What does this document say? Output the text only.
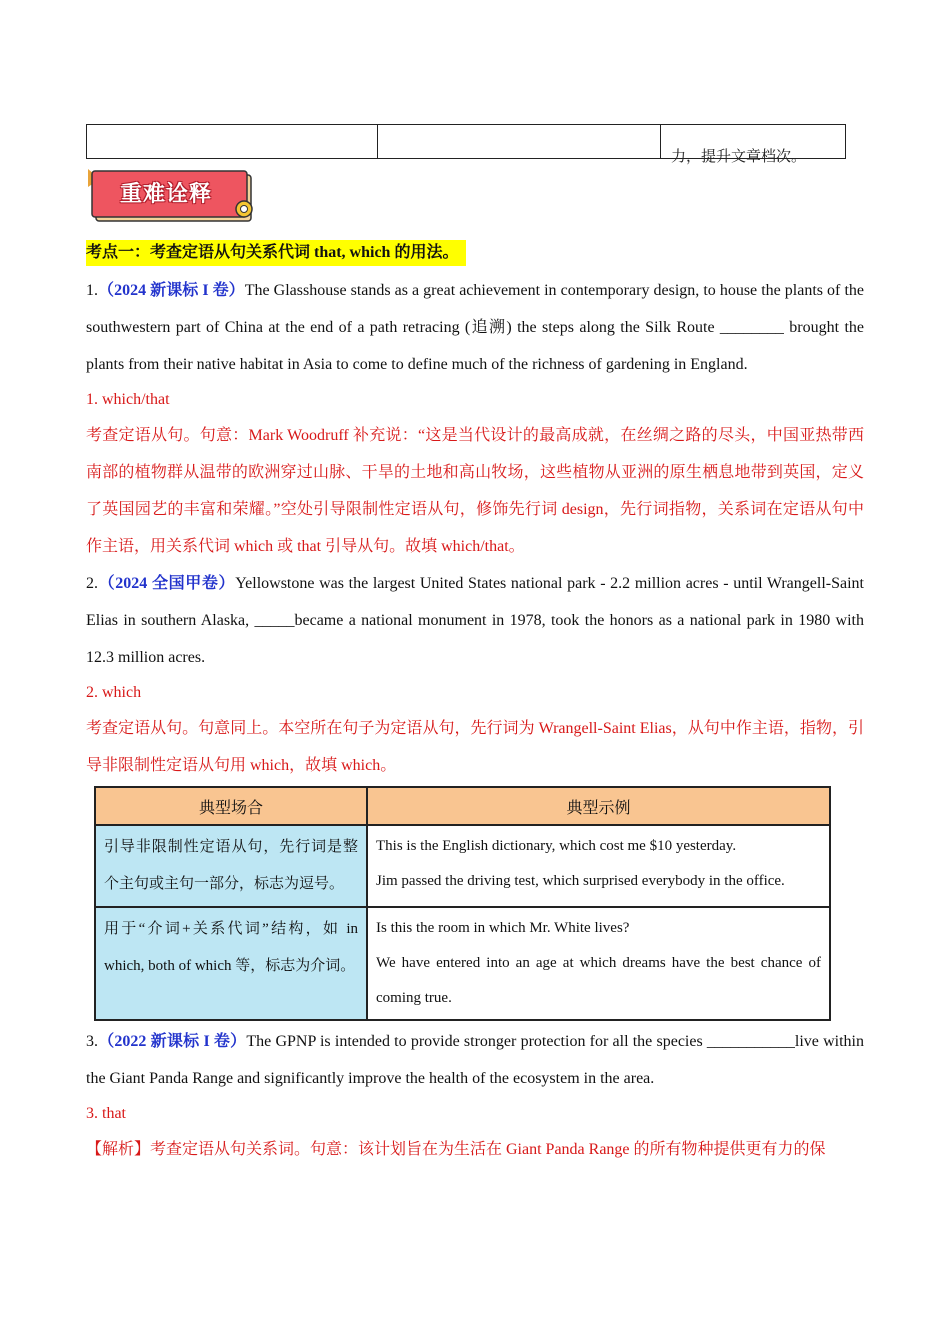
力，提升文章档次。
重难诠释
考点一：考查定语从句关系代词 that, which 的用法。

1.（2024 新课标 I 卷）The Glasshouse stands as a great achievement in contemporary design, to house the plants of the southwestern part of China at the end of a path retracing (追溯) the steps along the Silk Route ________ brought the plants from their native habitat in Asia to come to define much of the richness of gardening in England.

1. which/that

考查定语从句。句意：Mark Woodruff 补充说：“这是当代设计的最高成就，在丝绸之路的尽头，中国亚热带西南部的植物群从温带的欧洲穿过山脉、干旱的土地和高山牧场，这些植物从亚洲的原生栖息地带到英国，定义了英国园艺的丰富和荣耀。”空处引导限制性定语从句，修饰先行词 design，先行词指物，关系词在定语从句中作主语，用关系代词 which 或 that 引导从句。故填 which/that。

2.（2024 全国甲卷）Yellowstone was the largest United States national park - 2.2 million acres - until Wrangell-Saint Elias in southern Alaska, _____became a national monument in 1978, took the honors as a national park in 1980 with 12.3 million acres.

2. which

考查定语从句。句意同上。本空所在句子为定语从句，先行词为 Wrangell-Saint Elias，从句中作主语，指物，引导非限制性定语从句用 which，故填 which。

典型场合	典型示例
引导非限制性定语从句，先行词是整个主句或主句一部分，标志为逗号。	This is the English dictionary, which cost me $10 yesterday.
Jim passed the driving test, which surprised everybody in the office.

用于“介词+关系代词”结构，如 in which, both of which 等，标志为介词。	Is this the room in which Mr. White lives?
We have entered into an age at which dreams have the best chance of coming true.

3.（2022 新课标 I 卷）The GPNP is intended to provide stronger protection for all the species ___________live within the Giant Panda Range and significantly improve the health of the ecosystem in the area.

3. that

【解析】考查定语从句关系词。句意：该计划旨在为生活在 Giant Panda Range 的所有物种提供更有力的保
